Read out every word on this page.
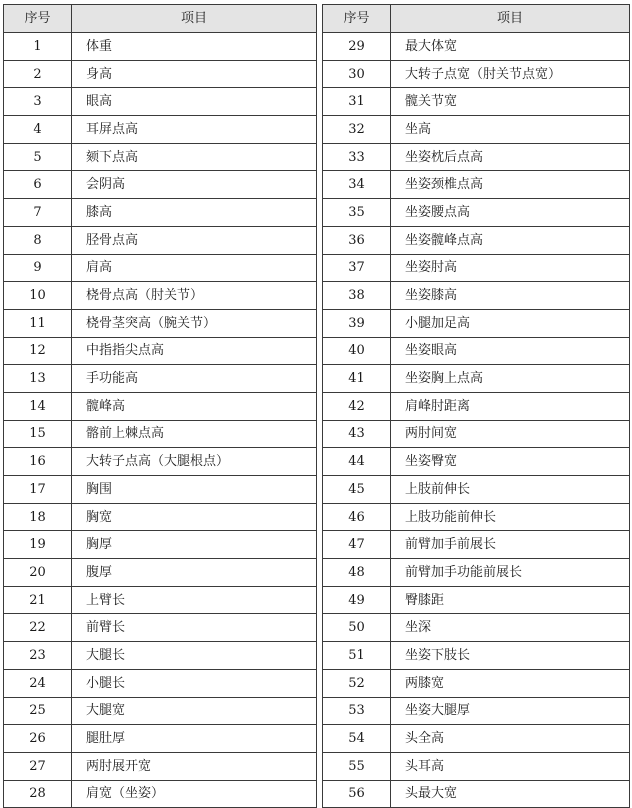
序号	项目
1	体重
2	身高
3	眼高
4	耳屏点高
5	颏下点高
6	会阴高
7	膝高
8	胫骨点高
9	肩高
10	桡骨点高（肘关节）
11	桡骨茎突高（腕关节）
12	中指指尖点高
13	手功能高
14	髋峰高
15	髂前上棘点高
16	大转子点高（大腿根点）
17	胸围
18	胸宽
19	胸厚
20	腹厚
21	上臂长
22	前臂长
23	大腿长
24	小腿长
25	大腿宽
26	腿肚厚
27	两肘展开宽
28	肩宽（坐姿）
序号	项目
29	最大体宽
30	大转子点宽（肘关节点宽）
31	髋关节宽
32	坐高
33	坐姿枕后点高
34	坐姿颈椎点高
35	坐姿腰点高
36	坐姿髋峰点高
37	坐姿肘高
38	坐姿膝高
39	小腿加足高
40	坐姿眼高
41	坐姿胸上点高
42	肩峰肘距离
43	两肘间宽
44	坐姿臀宽
45	上肢前伸长
46	上肢功能前伸长
47	前臂加手前展长
48	前臂加手功能前展长
49	臀膝距
50	坐深
51	坐姿下肢长
52	两膝宽
53	坐姿大腿厚
54	头全高
55	头耳高
56	头最大宽
